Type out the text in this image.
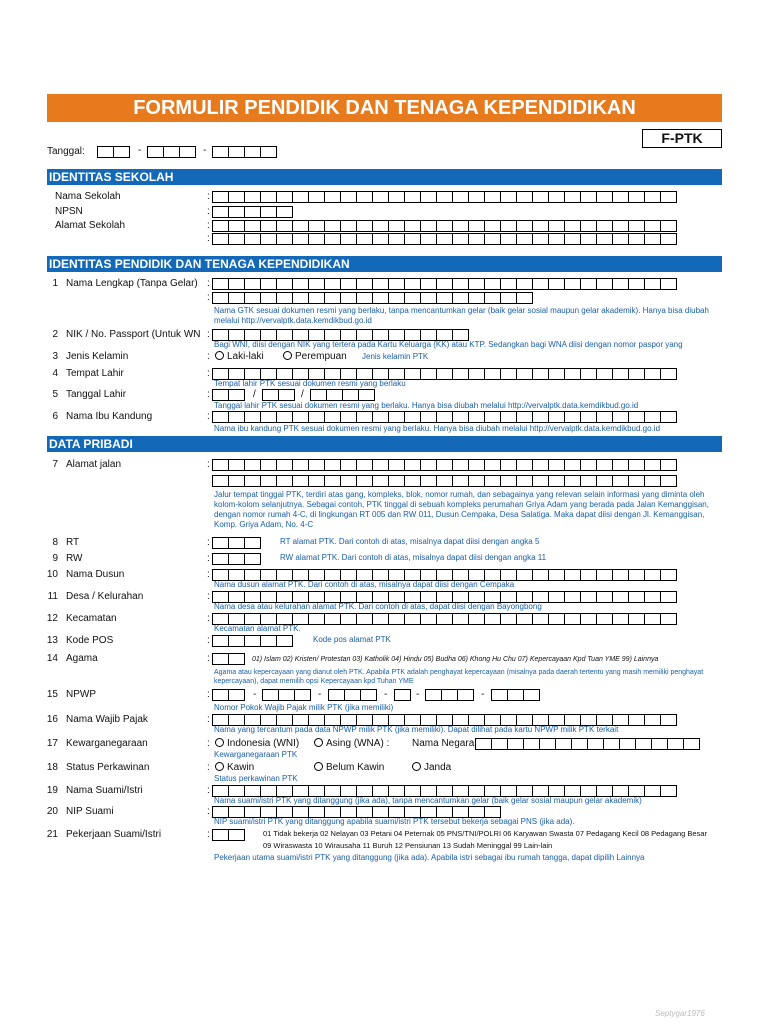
FORMULIR PENDIDIK DAN TENAGA KEPENDIDIKAN
F-PTK
Tanggal:	-	-
IDENTITAS SEKOLAH
Nama Sekolah	:
NPSN	:
Alamat Sekolah	:
:
IDENTITAS PENDIDIK DAN TENAGA KEPENDIDIKAN
1 Nama Lengkap (Tanpa Gelar) :
:
Nama GTK sesuai dokumen resmi yang berlaku, tanpa mencantumkan gelar (baik gelar sosial maupun gelar akademik). Hanya bisa diubah melalui http://vervalptk.data.kemdikbud.go.id
2 NIK / No. Passport (Untuk WN :
Bagi WNI, diisi dengan NIK yang tertera pada Kartu Keluarga (KK) atau KTP. Sedangkan bagi WNA diisi dengan nomor paspor yang
3 Jenis Kelamin	:	Laki-laki	Perempuan Jenis kelamin PTK
4 Tempat Lahir	:
Tempat lahir PTK sesuai dokumen resmi yang berlaku
5 Tanggal Lahir	:	/	/
Tanggal lahir PTK sesuai dokumen resmi yang berlaku. Hanya bisa diubah melalui http://vervalptk.data.kemdikbud.go.id
6 Nama Ibu Kandung	:
Nama ibu kandung PTK sesuai dokumen resmi yang berlaku. Hanya bisa diubah melalui http://vervalptk.data.kemdikbud.go.id
DATA PRIBADI
7 Alamat jalan	:
Jalur tempat tinggal PTK, terdiri atas gang, kompleks, blok, nomor rumah, dan sebagainya yang relevan selain informasi yang diminta oleh kolom-kolom selanjutnya. Sebagai contoh, PTK tinggal di sebuah kompleks perumahan Griya Adam yang berada pada Jalan Kemanggisan, dengan nomor rumah 4-C, di lingkungan RT 005 dan RW 011, Dusun Cempaka, Desa Salatiga. Maka dapat diisi dengan Jl. Kemanggisan, Komp. Griya Adam, No. 4-C
8 RT	:	RT alamat PTK. Dari contoh di atas, misalnya dapat diisi dengan angka 5
9 RW	:	RW alamat PTK. Dari contoh di atas, misalnya dapat diisi dengan angka 11
10 Nama Dusun	:
Nama dusun alamat PTK. Dari contoh di atas, misalnya dapat diisi dengan Cempaka
11 Desa / Kelurahan	:
Nama desa atau kelurahan alamat PTK. Dari contoh di atas, dapat diisi dengan Bayongbong
12 Kecamatan	:
Kecamatan alamat PTK.
13 Kode POS	:	Kode pos alamat PTK
14 Agama	:	01) Islam 02) Kristen/ Protestan 03) Katholik 04) Hindu 05) Budha 06) Khong Hu Chu 07) Kepercayaan Kpd Tuan YME 99) Lainnya
Agama atau kepercayaan yang dianut oleh PTK. Apabila PTK adalah penghayat kepercayaan (misalnya pada daerah tertentu yang masih memiliki penghayat kepercayaan), dapat memilih opsi Kepercayaan kpd Tuhan YME
15 NPWP	:	-	-	-	-	-
Nomor Pokok Wajib Pajak milik PTK (jika memiliki)
16 Nama Wajib Pajak	:
Nama yang tercantum pada data NPWP milik PTK (jika memiliki). Dapat dilihat pada kartu NPWP milik PTK terkait
17 Kewarganegaraan	:	Indonesia (WNI)	Asing (WNA) : Nama Negara
Kewarganegaraan PTK
18 Status Perkawinan	:	Kawin	Belum Kawin	Janda
Status perkawinan PTK
19 Nama Suami/Istri	:
Nama suami/istri PTK yang ditanggung (jika ada), tanpa mencantumkan gelar (baik gelar sosial maupun gelar akademik)
20 NIP Suami	:
NIP suami/istri PTK yang ditanggung apabila suami/istri PTK tersebut bekerja sebagai PNS (jika ada).
21 Pekerjaan Suami/Istri	:	01 Tidak bekerja 02 Nelayan 03 Petani 04 Peternak 05 PNS/TNI/POLRI 06 Karyawan Swasta 07 Pedagang Kecil 08 Pedagang Besar
09 Wiraswasta 10 Wirausaha 11 Buruh 12 Pensiunan 13 Sudah Meninggal 99 Lain-lain
Pekerjaan utama suami/istri PTK yang ditanggung (jika ada). Apabila istri sebagai ibu rumah tangga, dapat dipilih Lainnya
Septygar1976
